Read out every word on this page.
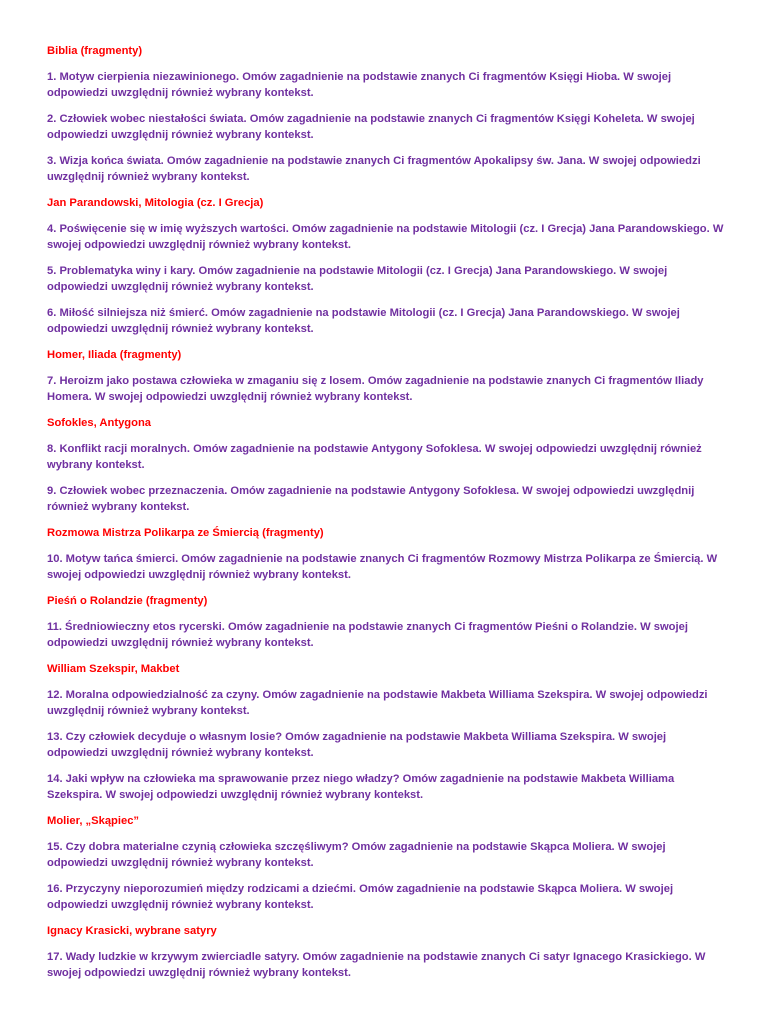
Biblia (fragmenty)

1. Motyw cierpienia niezawinionego. Omów zagadnienie na podstawie znanych Ci fragmentów Księgi Hioba. W swojej odpowiedzi uwzględnij również wybrany kontekst.

2. Człowiek wobec niestałości świata. Omów zagadnienie na podstawie znanych Ci fragmentów Księgi Koheleta. W swojej odpowiedzi uwzględnij również wybrany kontekst.

3. Wizja końca świata. Omów zagadnienie na podstawie znanych Ci fragmentów Apokalipsy św. Jana. W swojej odpowiedzi uwzględnij również wybrany kontekst.

Jan Parandowski, Mitologia (cz. I Grecja)

4. Poświęcenie się w imię wyższych wartości. Omów zagadnienie na podstawie Mitologii (cz. I Grecja) Jana Parandowskiego. W swojej odpowiedzi uwzględnij również wybrany kontekst.

5. Problematyka winy i kary. Omów zagadnienie na podstawie Mitologii (cz. I Grecja) Jana Parandowskiego. W swojej odpowiedzi uwzględnij również wybrany kontekst.

6. Miłość silniejsza niż śmierć. Omów zagadnienie na podstawie Mitologii (cz. I Grecja) Jana Parandowskiego. W swojej odpowiedzi uwzględnij również wybrany kontekst.

Homer, Iliada (fragmenty)

7. Heroizm jako postawa człowieka w zmaganiu się z losem. Omów zagadnienie na podstawie znanych Ci fragmentów Iliady Homera. W swojej odpowiedzi uwzględnij również wybrany kontekst.

Sofokles, Antygona

8. Konflikt racji moralnych. Omów zagadnienie na podstawie Antygony Sofoklesa. W swojej odpowiedzi uwzględnij również wybrany kontekst.

9. Człowiek wobec przeznaczenia. Omów zagadnienie na podstawie Antygony Sofoklesa. W swojej odpowiedzi uwzględnij również wybrany kontekst.

Rozmowa Mistrza Polikarpa ze Śmiercią (fragmenty)

10. Motyw tańca śmierci. Omów zagadnienie na podstawie znanych Ci fragmentów Rozmowy Mistrza Polikarpa ze Śmiercią. W swojej odpowiedzi uwzględnij również wybrany kontekst.

Pieśń o Rolandzie (fragmenty)

11. Średniowieczny etos rycerski. Omów zagadnienie na podstawie znanych Ci fragmentów Pieśni o Rolandzie. W swojej odpowiedzi uwzględnij również wybrany kontekst.

William Szekspir, Makbet

12. Moralna odpowiedzialność za czyny. Omów zagadnienie na podstawie Makbeta Williama Szekspira. W swojej odpowiedzi uwzględnij również wybrany kontekst.

13. Czy człowiek decyduje o własnym losie? Omów zagadnienie na podstawie Makbeta Williama Szekspira. W swojej odpowiedzi uwzględnij również wybrany kontekst.

14. Jaki wpływ na człowieka ma sprawowanie przez niego władzy? Omów zagadnienie na podstawie Makbeta Williama Szekspira. W swojej odpowiedzi uwzględnij również wybrany kontekst.

Molier, „Skąpiec”

15. Czy dobra materialne czynią człowieka szczęśliwym? Omów zagadnienie na podstawie Skąpca Moliera. W swojej odpowiedzi uwzględnij również wybrany kontekst.

16. Przyczyny nieporozumień między rodzicami a dziećmi. Omów zagadnienie na podstawie Skąpca Moliera. W swojej odpowiedzi uwzględnij również wybrany kontekst.

Ignacy Krasicki, wybrane satyry

17. Wady ludzkie w krzywym zwierciadle satyry. Omów zagadnienie na podstawie znanych Ci satyr Ignacego Krasickiego. W swojej odpowiedzi uwzględnij również wybrany kontekst.
